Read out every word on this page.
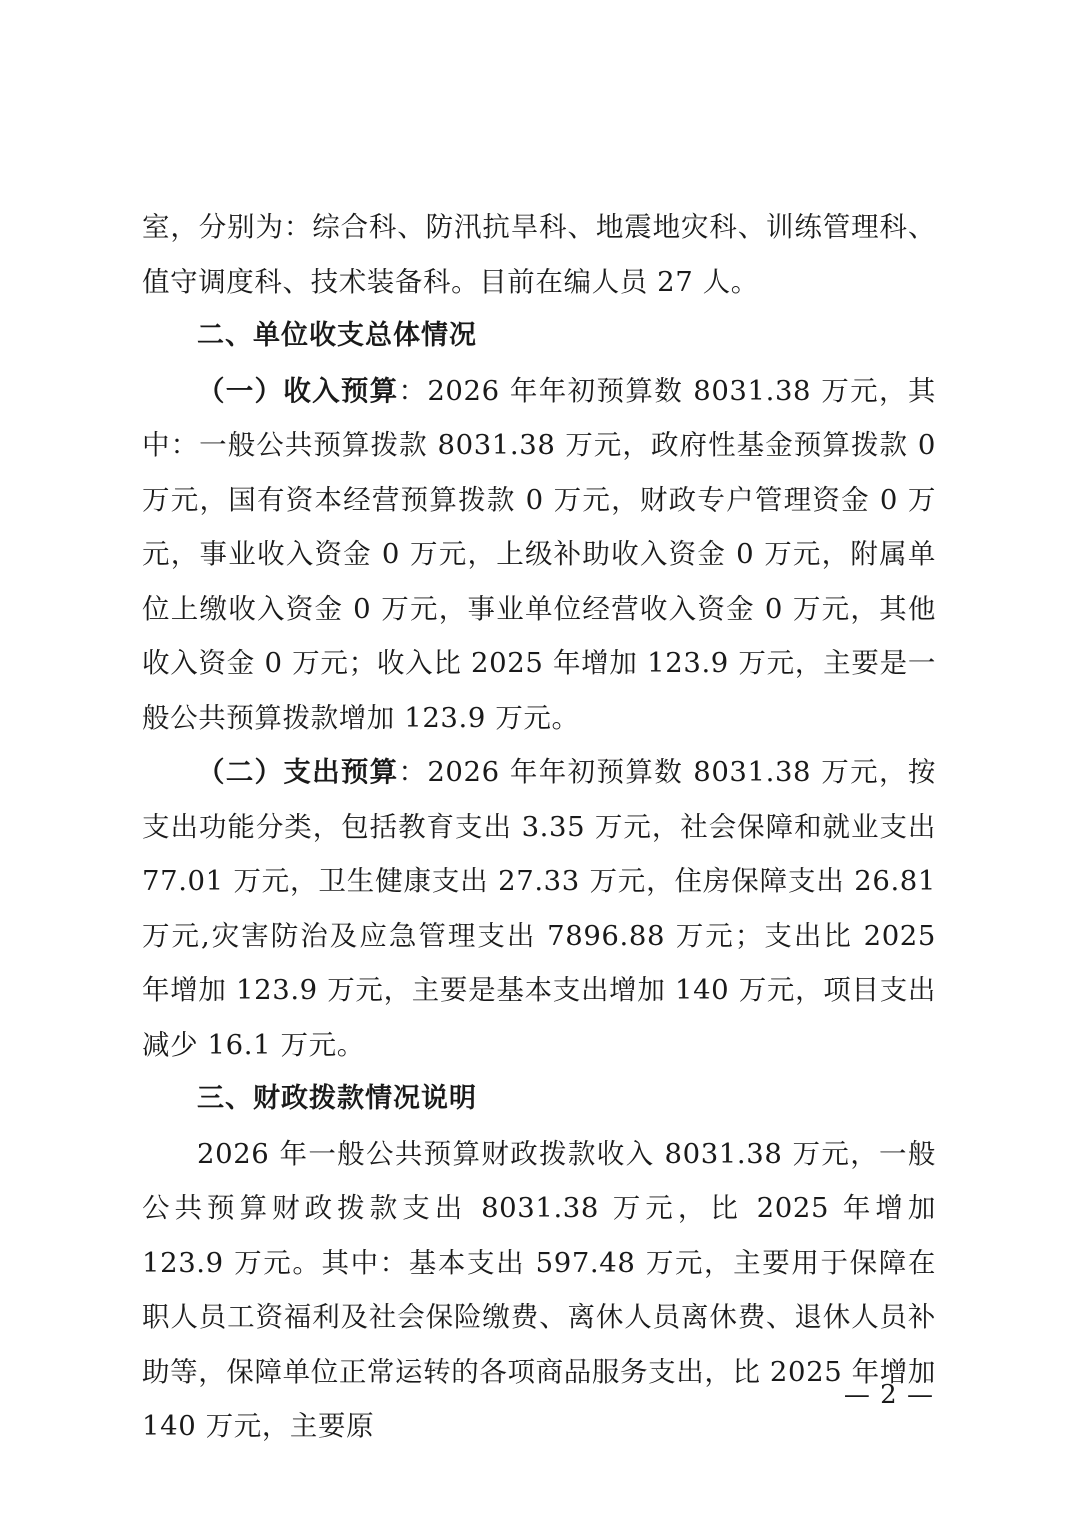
室，分别为：综合科、防汛抗旱科、地震地灾科、训练管理科、值守调度科、技术装备科。目前在编人员 27 人。

二、单位收支总体情况

（一）收入预算：2026 年年初预算数 8031.38 万元，其中：一般公共预算拨款 8031.38 万元，政府性基金预算拨款 0 万元，国有资本经营预算拨款 0 万元，财政专户管理资金 0 万元，事业收入资金 0 万元，上级补助收入资金 0 万元，附属单位上缴收入资金 0 万元，事业单位经营收入资金 0 万元，其他收入资金 0 万元；收入比 2025 年增加 123.9 万元，主要是一般公共预算拨款增加 123.9 万元。

（二）支出预算：2026 年年初预算数 8031.38 万元，按支出功能分类，包括教育支出 3.35 万元，社会保障和就业支出 77.01 万元，卫生健康支出 27.33 万元，住房保障支出 26.81 万元,灾害防治及应急管理支出 7896.88 万元；支出比 2025 年增加 123.9 万元，主要是基本支出增加 140 万元，项目支出减少 16.1 万元。

三、财政拨款情况说明

2026 年一般公共预算财政拨款收入 8031.38 万元，一般公共预算财政拨款支出 8031.38 万元，比 2025 年增加 123.9 万元。其中：基本支出 597.48 万元，主要用于保障在职人员工资福利及社会保险缴费、离休人员离休费、退休人员补助等，保障单位正常运转的各项商品服务支出，比 2025 年增加 140 万元，主要原

— 2 —
